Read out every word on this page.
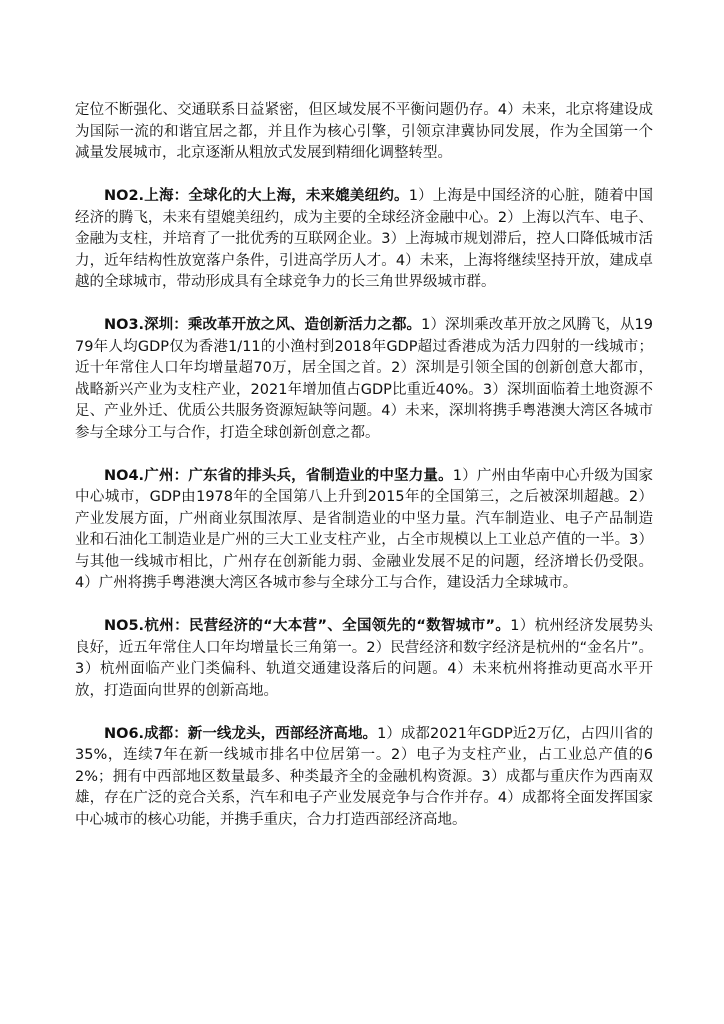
定位不断强化、交通联系日益紧密，但区域发展不平衡问题仍存。4）未来，北京将建设成为国际一流的和谐宜居之都，并且作为核心引擎，引领京津冀协同发展，作为全国第一个减量发展城市，北京逐渐从粗放式发展到精细化调整转型。

NO2.上海：全球化的大上海，未来媲美纽约。1）上海是中国经济的心脏，随着中国经济的腾飞，未来有望媲美纽约，成为主要的全球经济金融中心。2）上海以汽车、电子、金融为支柱，并培育了一批优秀的互联网企业。3）上海城市规划滞后，控人口降低城市活力，近年结构性放宽落户条件，引进高学历人才。4）未来，上海将继续坚持开放，建成卓越的全球城市，带动形成具有全球竞争力的长三角世界级城市群。

NO3.深圳：乘改革开放之风、造创新活力之都。1）深圳乘改革开放之风腾飞，从1979年人均GDP仅为香港1/11的小渔村到2018年GDP超过香港成为活力四射的一线城市；近十年常住人口年均增量超70万，居全国之首。2）深圳是引领全国的创新创意大都市，战略新兴产业为支柱产业，2021年增加值占GDP比重近40%。3）深圳面临着土地资源不足、产业外迁、优质公共服务资源短缺等问题。4）未来，深圳将携手粤港澳大湾区各城市参与全球分工与合作，打造全球创新创意之都。

NO4.广州：广东省的排头兵，省制造业的中坚力量。1）广州由华南中心升级为国家中心城市，GDP由1978年的全国第八上升到2015年的全国第三，之后被深圳超越。2）产业发展方面，广州商业氛围浓厚、是省制造业的中坚力量。汽车制造业、电子产品制造业和石油化工制造业是广州的三大工业支柱产业，占全市规模以上工业总产值的一半。3）与其他一线城市相比，广州存在创新能力弱、金融业发展不足的问题，经济增长仍受限。4）广州将携手粤港澳大湾区各城市参与全球分工与合作，建设活力全球城市。

NO5.杭州：民营经济的“大本营”、全国领先的“数智城市”。1）杭州经济发展势头良好，近五年常住人口年均增量长三角第一。2）民营经济和数字经济是杭州的“金名片”。3）杭州面临产业门类偏科、轨道交通建设落后的问题。4）未来杭州将推动更高水平开放，打造面向世界的创新高地。

NO6.成都：新一线龙头，西部经济高地。1）成都2021年GDP近2万亿，占四川省的35%，连续7年在新一线城市排名中位居第一。2）电子为支柱产业，占工业总产值的62%；拥有中西部地区数量最多、种类最齐全的金融机构资源。3）成都与重庆作为西南双雄，存在广泛的竞合关系，汽车和电子产业发展竞争与合作并存。4）成都将全面发挥国家中心城市的核心功能，并携手重庆，合力打造西部经济高地。
